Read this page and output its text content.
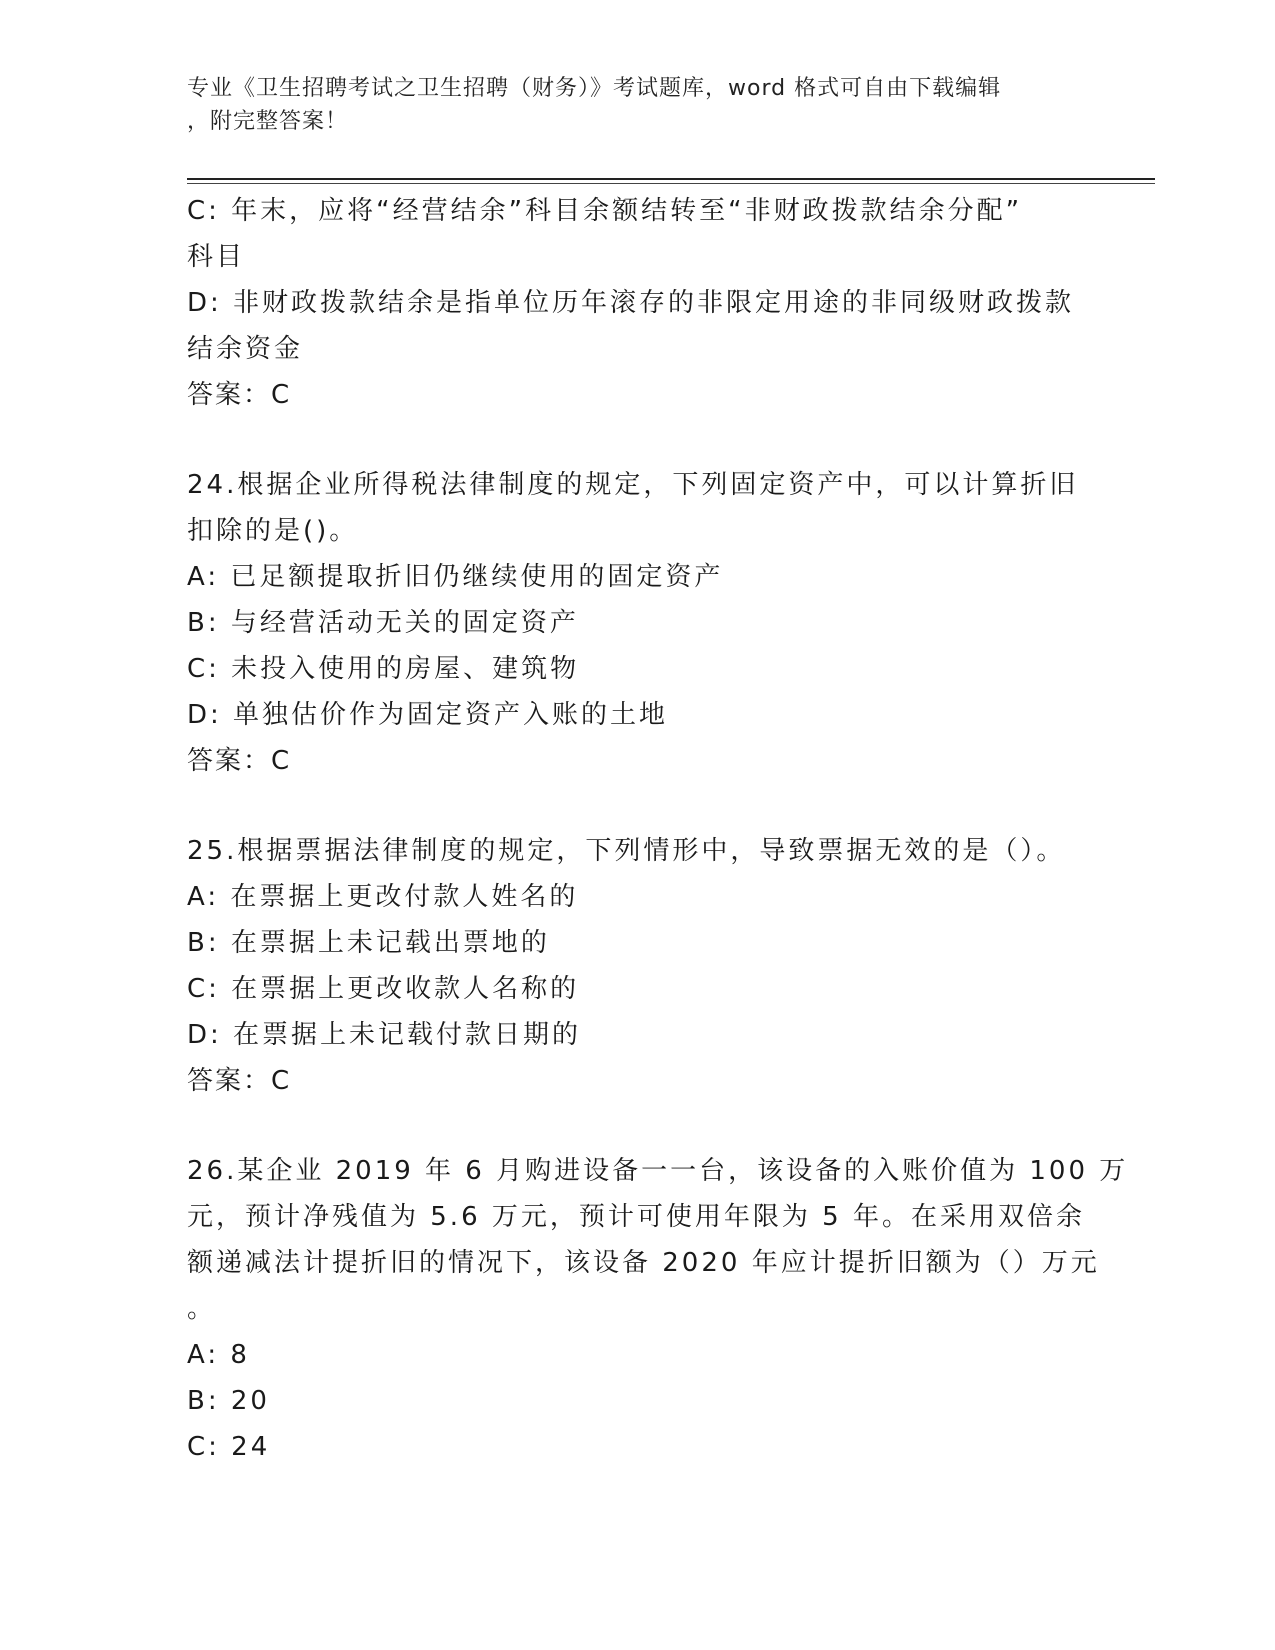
专业《卫生招聘考试之卫生招聘（财务）》考试题库，word 格式可自由下载编辑
，附完整答案！
C: 年末，应将“经营结余”科目余额结转至“非财政拨款结余分配”
科目
D: 非财政拨款结余是指单位历年滚存的非限定用途的非同级财政拨款
结余资金
答案：C
24.根据企业所得税法律制度的规定，下列固定资产中，可以计算折旧
扣除的是()。
A: 已足额提取折旧仍继续使用的固定资产
B: 与经营活动无关的固定资产
C: 未投入使用的房屋、建筑物
D: 单独估价作为固定资产入账的土地
答案：C
25.根据票据法律制度的规定，下列情形中，导致票据无效的是（）。
A: 在票据上更改付款人姓名的
B: 在票据上未记载出票地的
C: 在票据上更改收款人名称的
D: 在票据上未记载付款日期的
答案：C
26.某企业 2019 年 6 月购进设备一一台，该设备的入账价值为 100 万
元，预计净残值为 5.6 万元，预计可使用年限为 5 年。在采用双倍余
额递减法计提折旧的情况下，该设备 2020 年应计提折旧额为（）万元
。
A: 8
B: 20
C: 24
